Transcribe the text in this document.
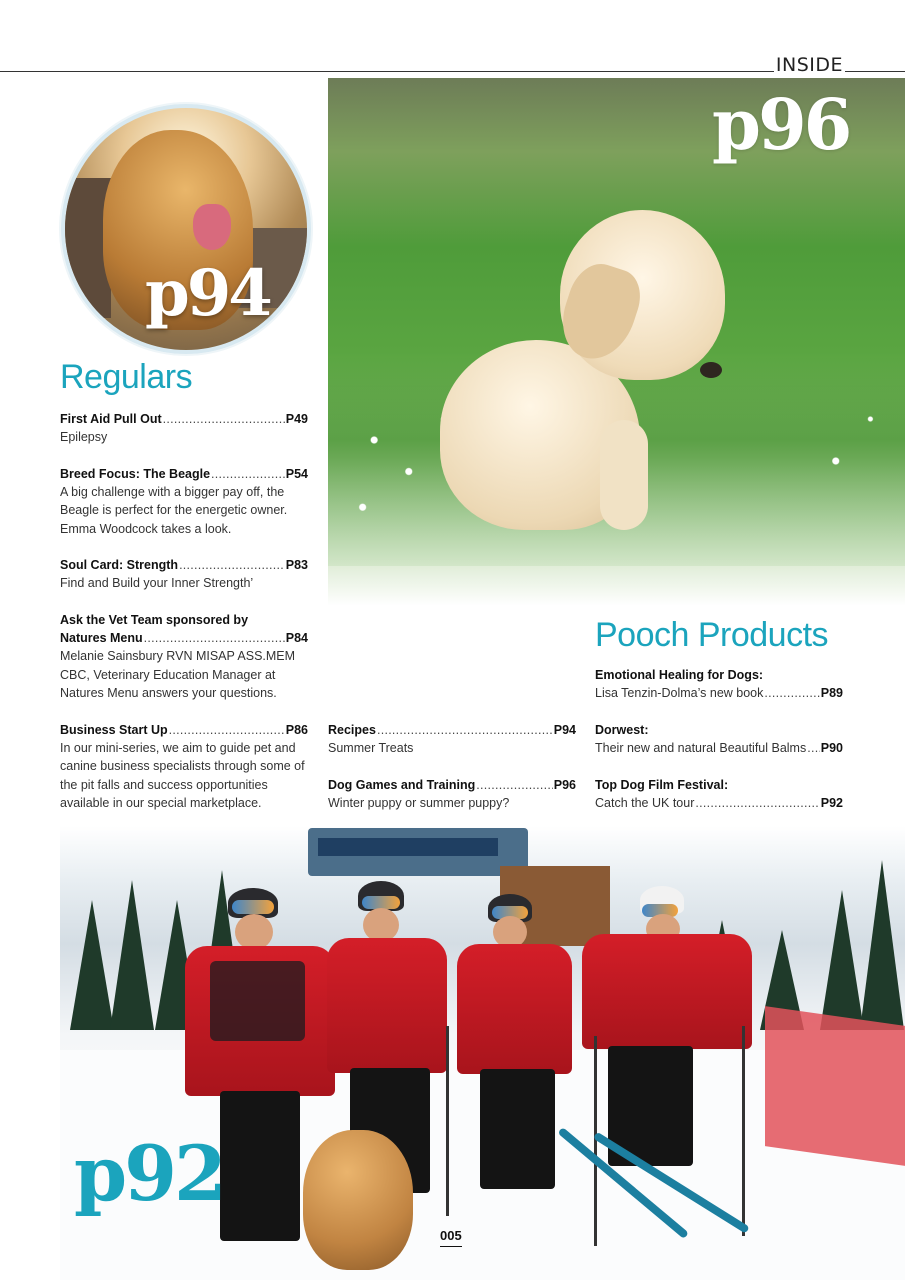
INSIDE
p96
p94
Regulars
First Aid Pull Out . . .	P49
Epilepsy
Breed Focus: The Beagle . . .	P54
A big challenge with a bigger pay off, the Beagle is perfect for the energetic owner. Emma Woodcock takes a look.
Soul Card: Strength . . .	P83
Find and Build your Inner Strength’
Ask the Vet Team sponsored by
Natures Menu . . .	P84
Melanie Sainsbury RVN MISAP ASS.MEM CBC, Veterinary Education Manager at Natures Menu answers your questions.
Business Start Up . . .	P86
In our mini-series, we aim to guide pet and canine business specialists through some of the pit falls and success opportunities available in our special marketplace.
Recipes . . .	P94
Summer Treats
Dog Games and Training . . .	P96
Winter puppy or summer puppy?
Pooch Products
Emotional Healing for Dogs:
Lisa Tenzin-Dolma’s new book . . .	P89
Dorwest:
Their new and natural Beautiful Balms . . . P90
Top Dog Film Festival:
Catch the UK tour . . .	P92
p92
005
